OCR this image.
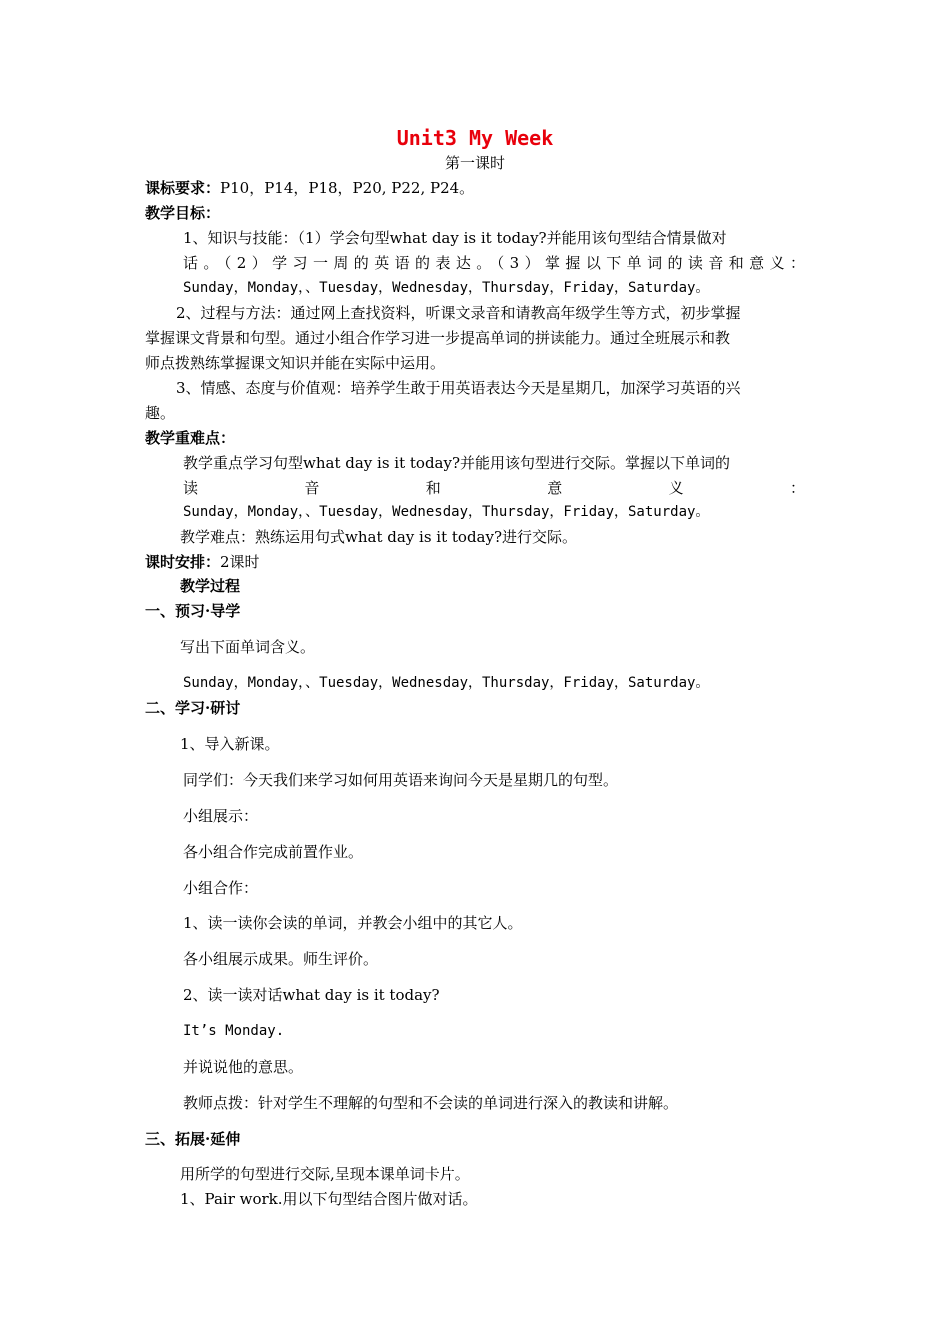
Unit3 My Week
第一课时
课标要求：P10，P14，P18，P20, P22, P24。
教学目标：
1、知识与技能：（1）学会句型what day is it today?并能用该句型结合情景做对
话。（2）学习一周的英语的表达。（3）掌握以下单词的读音和意义：
Sunday，Monday，、Tuesday，Wednesday，Thursday，Friday，Saturday。
2、过程与方法：通过网上查找资料，听课文录音和请教高年级学生等方式，初步掌握
掌握课文背景和句型。通过小组合作学习进一步提高单词的拼读能力。通过全班展示和教
师点拨熟练掌握课文知识并能在实际中运用。
3、情感、态度与价值观：培养学生敢于用英语表达今天是星期几，加深学习英语的兴
趣。
教学重难点：
教学重点学习句型what day is it today?并能用该句型进行交际。掌握以下单词的
读音和意义：
Sunday，Monday，、Tuesday，Wednesday，Thursday，Friday，Saturday。
教学难点：熟练运用句式what day is it today?进行交际。
课时安排：2课时
教学过程
一、预习·导学
写出下面单词含义。
Sunday，Monday，、Tuesday，Wednesday，Thursday，Friday，Saturday。
二、学习·研讨
1、导入新课。
同学们：今天我们来学习如何用英语来询问今天是星期几的句型。
小组展示：
各小组合作完成前置作业。
小组合作：
1、读一读你会读的单词，并教会小组中的其它人。
各小组展示成果。师生评价。
2、读一读对话what day is it today?
It’s Monday.
并说说他的意思。
教师点拨：针对学生不理解的句型和不会读的单词进行深入的教读和讲解。
三、拓展·延伸
用所学的句型进行交际,呈现本课单词卡片。
1、Pair work.用以下句型结合图片做对话。
